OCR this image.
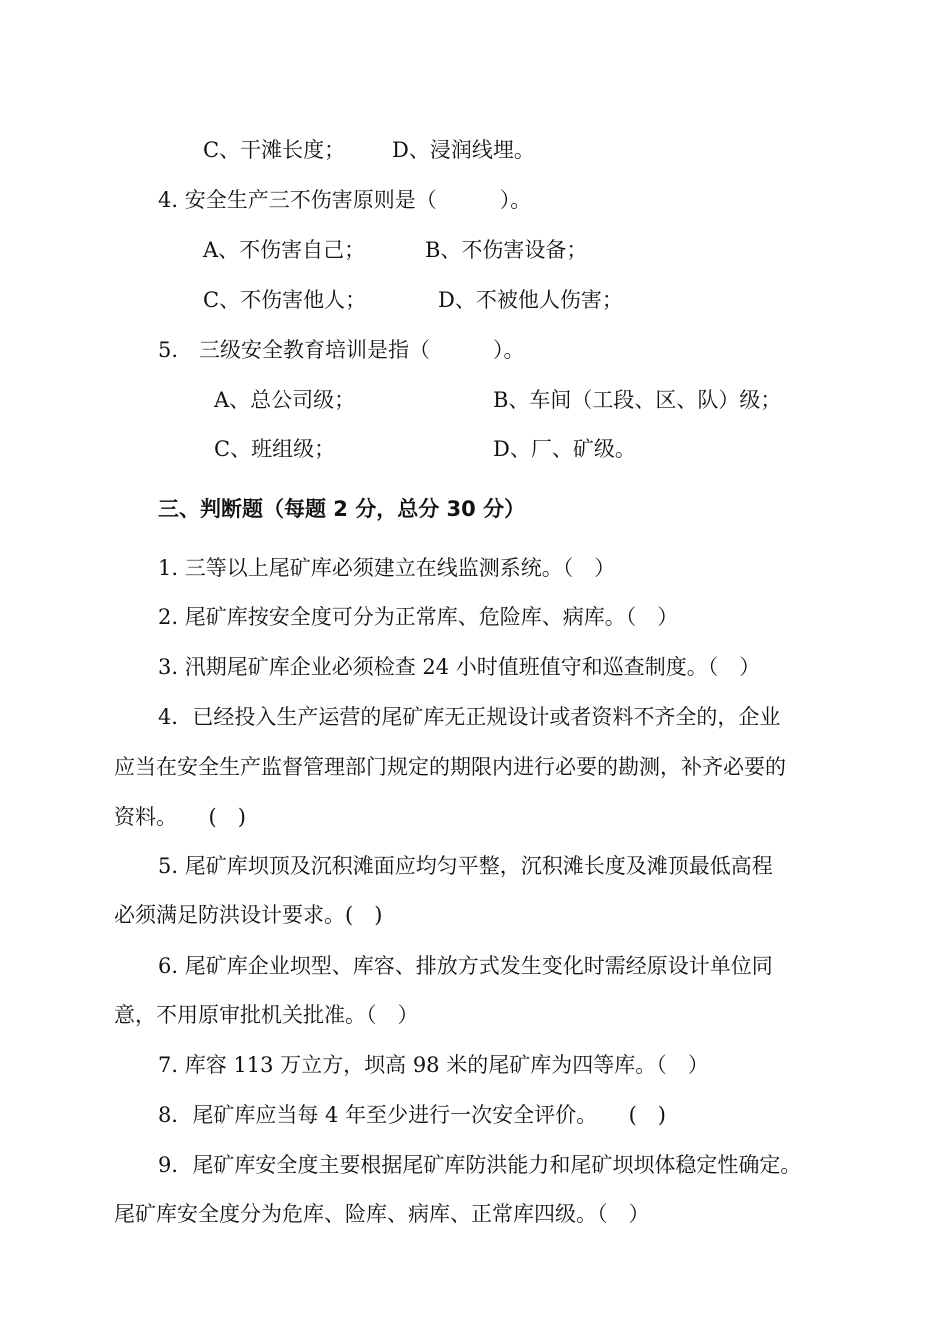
C、干滩长度； D、浸润线埋。
4. 安全生产三不伤害原则是（　　　）。
A、不伤害自己；	B、不伤害设备；
C、不伤害他人；	D、不被他人伤害；
5.　三级安全教育培训是指（　　　）。
A、总公司级；	B、车间（工段、区、队）级；
C、班组级；	D、厂、矿级。
三、判断题（每题 2 分，总分 30 分）
1. 三等以上尾矿库必须建立在线监测系统。（　）
2. 尾矿库按安全度可分为正常库、危险库、病库。（　）
3. 汛期尾矿库企业必须检查 24 小时值班值守和巡查制度。（　）
4．已经投入生产运营的尾矿库无正规设计或者资料不齐全的，企业
应当在安全生产监督管理部门规定的期限内进行必要的勘测，补齐必要的
资料。　　(　)
5. 尾矿库坝顶及沉积滩面应均匀平整，沉积滩长度及滩顶最低高程
必须满足防洪设计要求。(　)
6. 尾矿库企业坝型、库容、排放方式发生变化时需经原设计单位同
意，不用原审批机关批准。（　）
7. 库容 113 万立方，坝高 98 米的尾矿库为四等库。（　）
8．尾矿库应当每 4 年至少进行一次安全评价。　　(　)
9．尾矿库安全度主要根据尾矿库防洪能力和尾矿坝坝体稳定性确定。
尾矿库安全度分为危库、险库、病库、正常库四级。（　）
